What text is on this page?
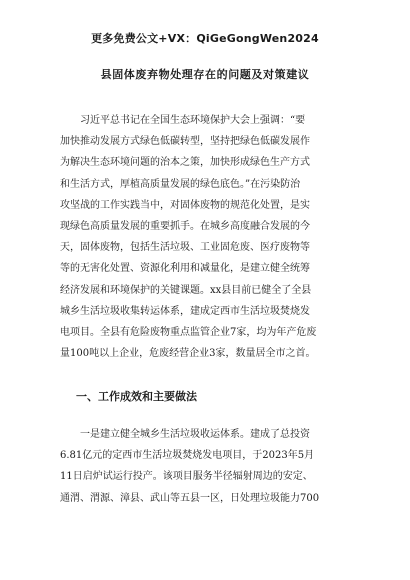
更多免费公文+VX：QiGeGongWen2024
县固体废弃物处理存在的问题及对策建议
　　习近平总书记在全国生态环境保护大会上强调：“要
加快推动发展方式绿色低碳转型，坚持把绿色低碳发展作
为解决生态环境问题的治本之策，加快形成绿色生产方式
和生活方式，厚植高质量发展的绿色底色。”在污染防治
攻坚战的工作实践当中，对固体废物的规范化处置，是实
现绿色高质量发展的重要抓手。在城乡高度融合发展的今
天，固体废物，包括生活垃圾、工业固危废、医疗废物等
等的无害化处置、资源化利用和减量化，是建立健全统筹
经济发展和环境保护的关键课题。xx县目前已健全了全县
城乡生活垃圾收集转运体系，建成定西市生活垃圾焚烧发
电项目。全县有危险废物重点监管企业7家，均为年产危废
量100吨以上企业，危废经营企业3家，数量居全市之首。
一、工作成效和主要做法
　　一是建立健全城乡生活垃圾收运体系。建成了总投资
6.81亿元的定西市生活垃圾焚烧发电项目，于2023年5月
11日启炉试运行投产。该项目服务半径辐射周边的安定、
通渭、渭源、漳县、武山等五县一区，日处理垃圾能力700
